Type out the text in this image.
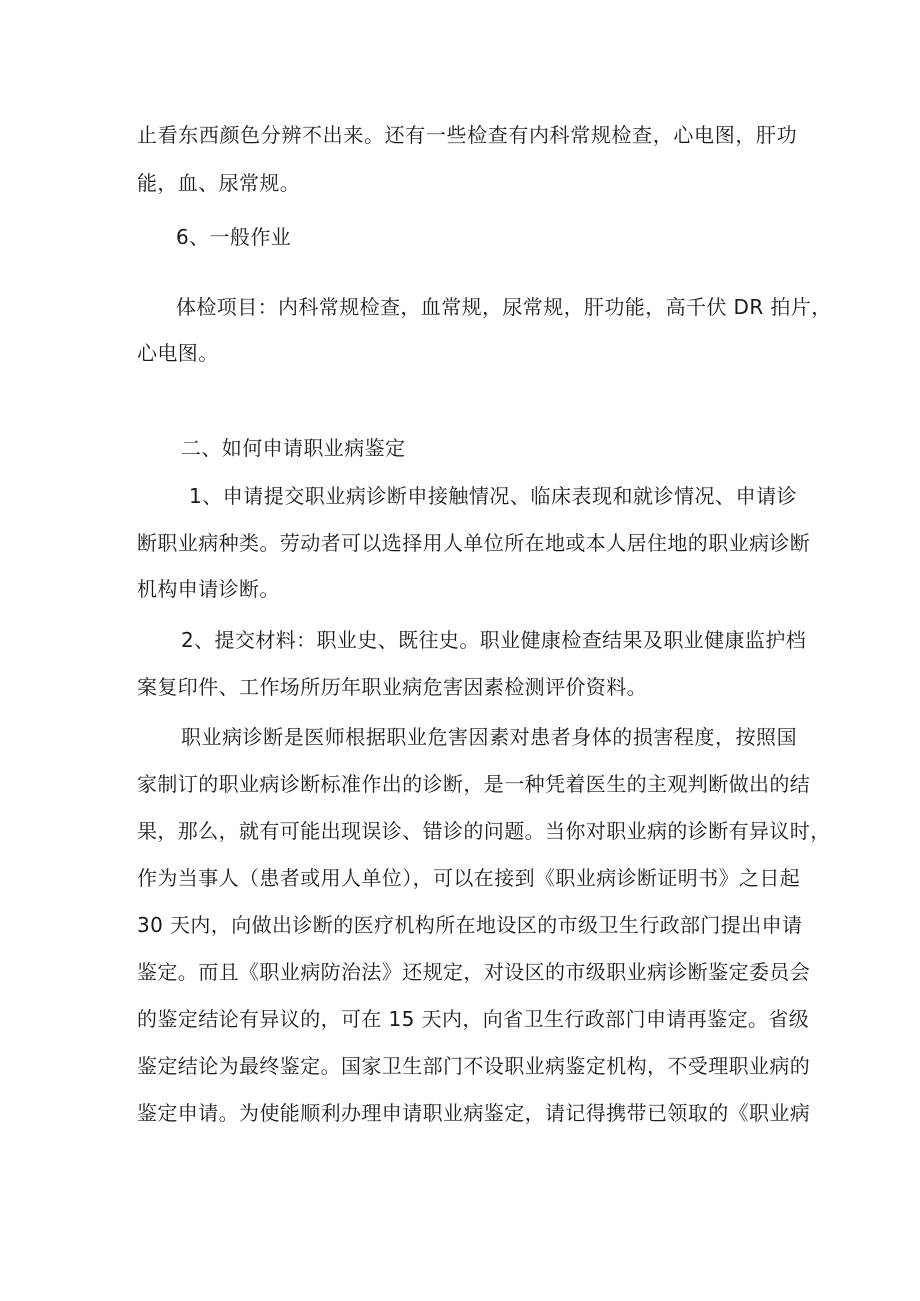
止看东西颜色分辨不出来。还有一些检查有内科常规检查，心电图，肝功
能，血、尿常规。
6、一般作业
体检项目：内科常规检查，血常规，尿常规，肝功能，高千伏 DR 拍片，
心电图。
二、如何申请职业病鉴定
1、申请提交职业病诊断申接触情况、临床表现和就诊情况、申请诊
断职业病种类。劳动者可以选择用人单位所在地或本人居住地的职业病诊断
机构申请诊断。
2、提交材料：职业史、既往史。职业健康检查结果及职业健康监护档
案复印件、工作场所历年职业病危害因素检测评价资料。
职业病诊断是医师根据职业危害因素对患者身体的损害程度，按照国
家制订的职业病诊断标准作出的诊断，是一种凭着医生的主观判断做出的结
果，那么，就有可能出现误诊、错诊的问题。当你对职业病的诊断有异议时，
作为当事人（患者或用人单位），可以在接到《职业病诊断证明书》之日起
30 天内，向做出诊断的医疗机构所在地设区的市级卫生行政部门提出申请
鉴定。而且《职业病防治法》还规定，对设区的市级职业病诊断鉴定委员会
的鉴定结论有异议的，可在 15 天内，向省卫生行政部门申请再鉴定。省级
鉴定结论为最终鉴定。国家卫生部门不设职业病鉴定机构，不受理职业病的
鉴定申请。为使能顺利办理申请职业病鉴定，请记得携带已领取的《职业病
